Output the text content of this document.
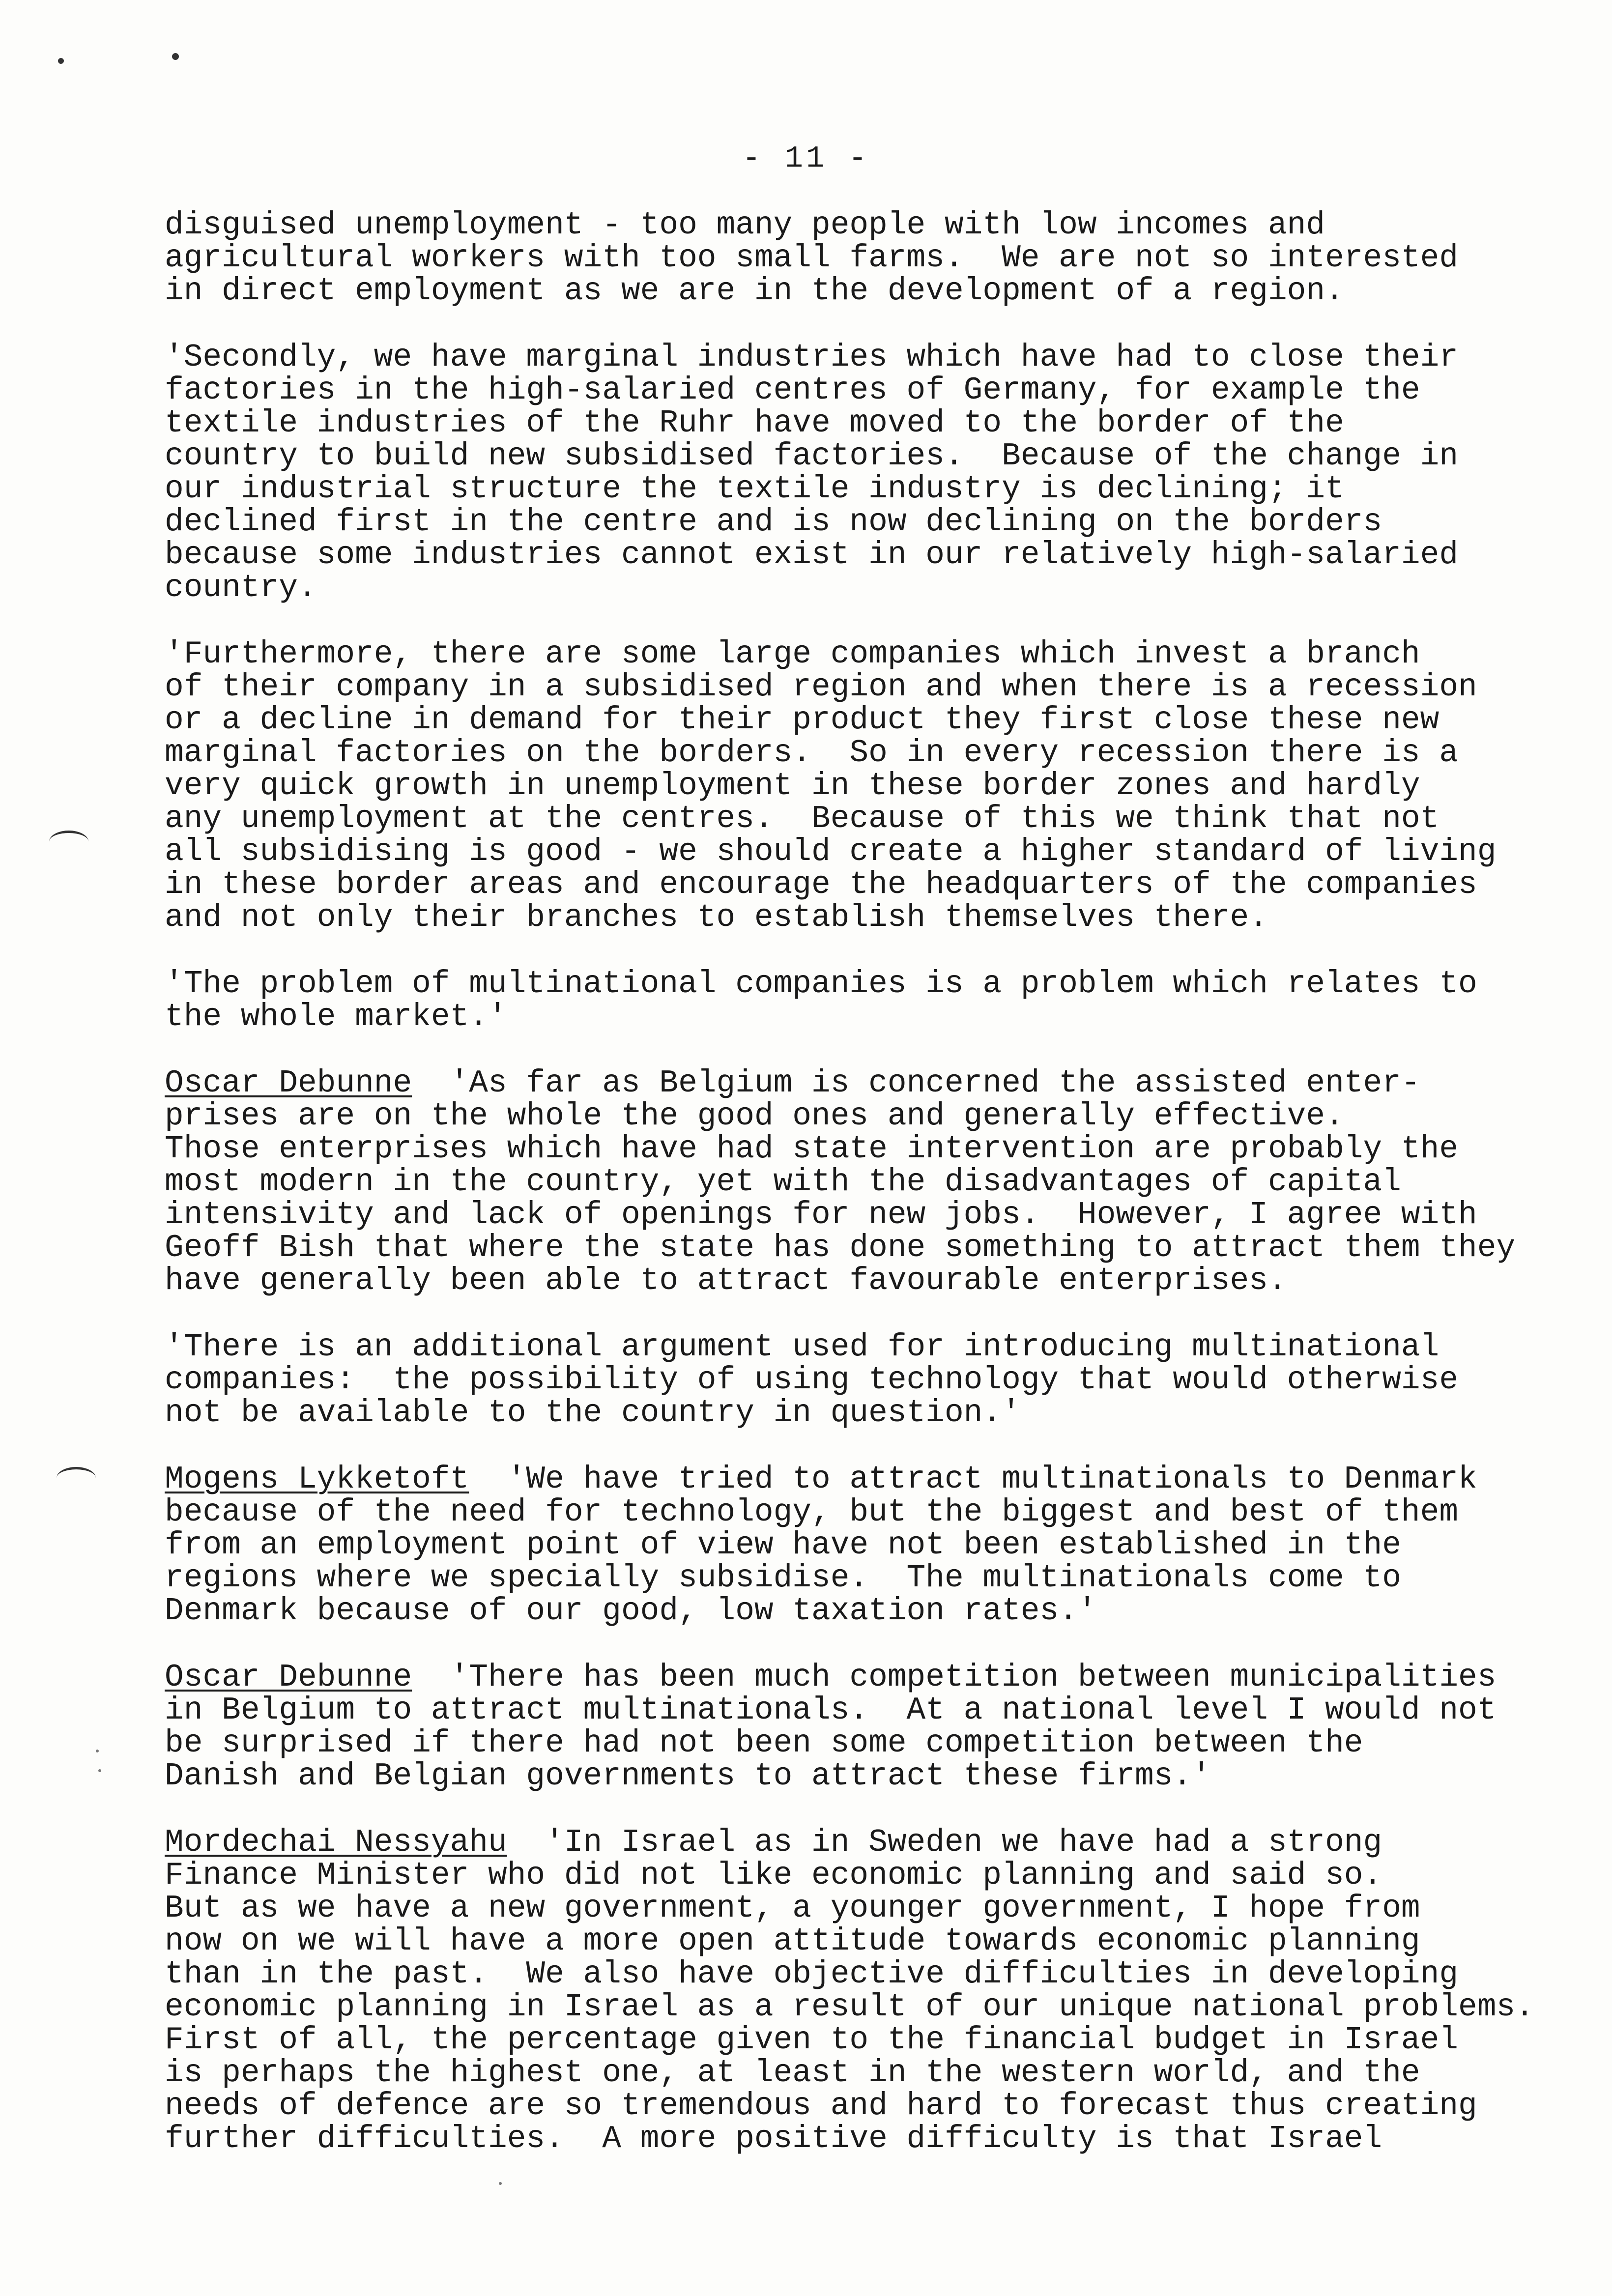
- 11 -
disguised unemployment - too many people with low incomes and
agricultural workers with too small farms.  We are not so interested
in direct employment as we are in the development of a region.
'Secondly, we have marginal industries which have had to close their
factories in the high-salaried centres of Germany, for example the
textile industries of the Ruhr have moved to the border of the
country to build new subsidised factories.  Because of the change in
our industrial structure the textile industry is declining; it
declined first in the centre and is now declining on the borders
because some industries cannot exist in our relatively high-salaried
country.
'Furthermore, there are some large companies which invest a branch
of their company in a subsidised region and when there is a recession
or a decline in demand for their product they first close these new
marginal factories on the borders.  So in every recession there is a
very quick growth in unemployment in these border zones and hardly
any unemployment at the centres.  Because of this we think that not
all subsidising is good - we should create a higher standard of living
in these border areas and encourage the headquarters of the companies
and not only their branches to establish themselves there.
'The problem of multinational companies is a problem which relates to
the whole market.'
Oscar Debunne  'As far as Belgium is concerned the assisted enter-
prises are on the whole the good ones and generally effective.
Those enterprises which have had state intervention are probably the
most modern in the country, yet with the disadvantages of capital
intensivity and lack of openings for new jobs.  However, I agree with
Geoff Bish that where the state has done something to attract them they
have generally been able to attract favourable enterprises.
'There is an additional argument used for introducing multinational
companies:  the possibility of using technology that would otherwise
not be available to the country in question.'
Mogens Lykketoft  'We have tried to attract multinationals to Denmark
because of the need for technology, but the biggest and best of them
from an employment point of view have not been established in the
regions where we specially subsidise.  The multinationals come to
Denmark because of our good, low taxation rates.'
Oscar Debunne  'There has been much competition between municipalities
in Belgium to attract multinationals.  At a national level I would not
be surprised if there had not been some competition between the
Danish and Belgian governments to attract these firms.'
Mordechai Nessyahu  'In Israel as in Sweden we have had a strong
Finance Minister who did not like economic planning and said so.
But as we have a new government, a younger government, I hope from
now on we will have a more open attitude towards economic planning
than in the past.  We also have objective difficulties in developing
economic planning in Israel as a result of our unique national problems.
First of all, the percentage given to the financial budget in Israel
is perhaps the highest one, at least in the western world, and the
needs of defence are so tremendous and hard to forecast thus creating
further difficulties.  A more positive difficulty is that Israel
